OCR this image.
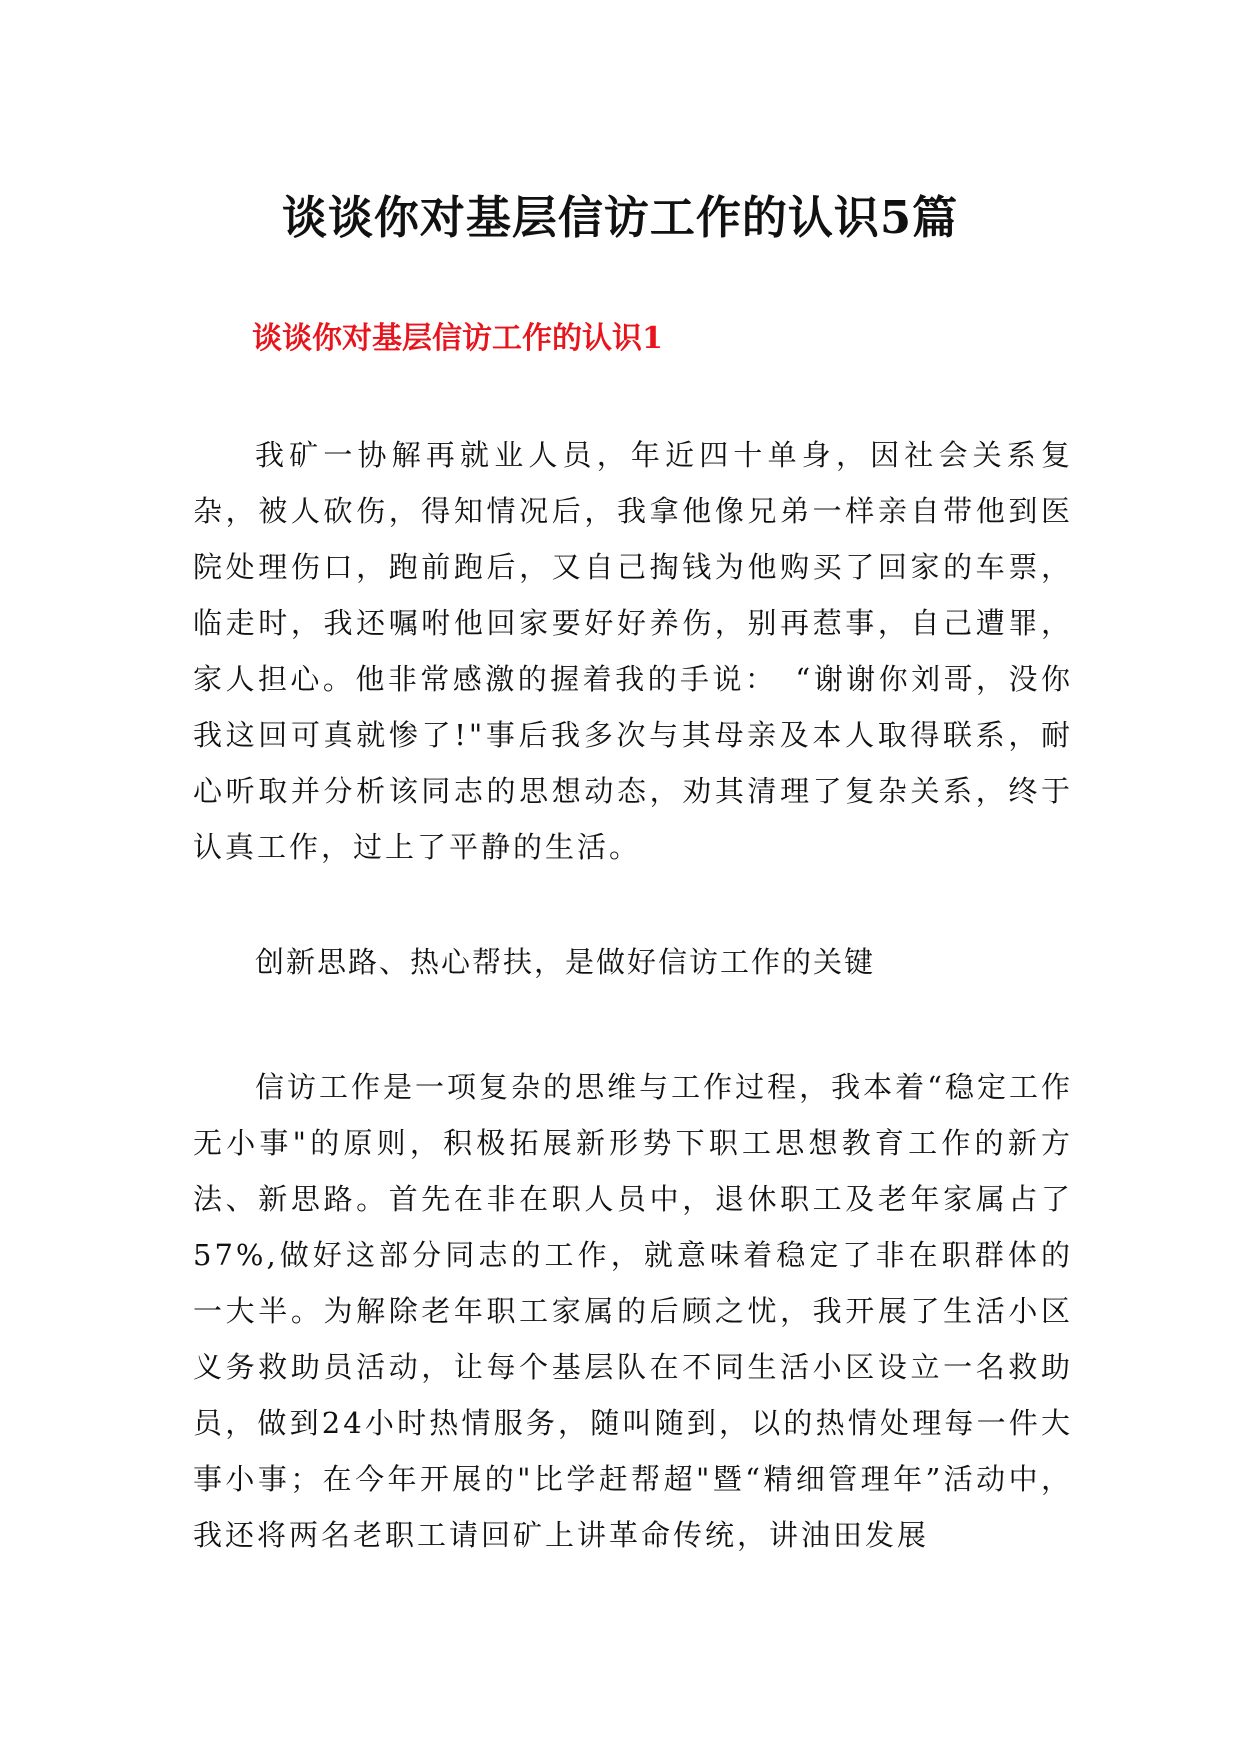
谈谈你对基层信访工作的认识5篇
谈谈你对基层信访工作的认识1

我矿一协解再就业人员，年近四十单身，因社会关系复杂，被人砍伤，得知情况后，我拿他像兄弟一样亲自带他到医院处理伤口，跑前跑后，又自己掏钱为他购买了回家的车票，临走时，我还嘱咐他回家要好好养伤，别再惹事，自己遭罪，家人担心。他非常感激的握着我的手说：　“谢谢你刘哥，没你我这回可真就惨了!"事后我多次与其母亲及本人取得联系，耐心听取并分析该同志的思想动态，劝其清理了复杂关系，终于认真工作，过上了平静的生活。

创新思路、热心帮扶，是做好信访工作的关键

信访工作是一项复杂的思维与工作过程，我本着“稳定工作无小事"的原则，积极拓展新形势下职工思想教育工作的新方法、新思路。首先在非在职人员中，退休职工及老年家属占了57%,做好这部分同志的工作，就意味着稳定了非在职群体的一大半。为解除老年职工家属的后顾之忧，我开展了生活小区义务救助员活动，让每个基层队在不同生活小区设立一名救助员，做到24小时热情服务，随叫随到，以的热情处理每一件大事小事；在今年开展的"比学赶帮超"暨“精细管理年”活动中，我还将两名老职工请回矿上讲革命传统，讲油田发展
